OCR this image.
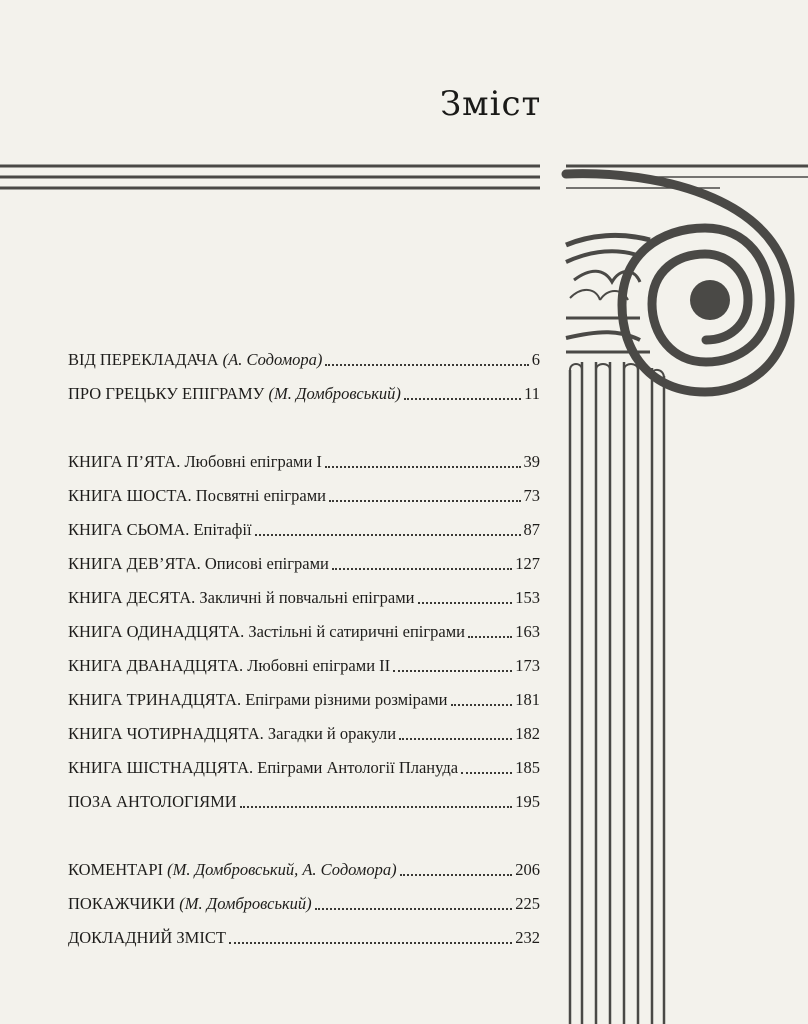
Зміст
ВІД ПЕРЕКЛАДАЧА (А. Содомора)	6
ПРО ГРЕЦЬКУ ЕПІГРАМУ (М. Домбровський)	11
КНИГА П’ЯТА. Любовні епіграми І	39
КНИГА ШОСТА. Посвятні епіграми	73
КНИГА СЬОМА. Епітафії	87
КНИГА ДЕВ’ЯТА. Описові епіграми	127
КНИГА ДЕСЯТА. Закличні й повчальні епіграми	153
КНИГА ОДИНАДЦЯТА. Застільні й сатиричні епіграми	163
КНИГА ДВАНАДЦЯТА. Любовні епіграми ІІ	173
КНИГА ТРИНАДЦЯТА. Епіграми різними розмірами	181
КНИГА ЧОТИРНАДЦЯТА. Загадки й оракули	182
КНИГА ШІСТНАДЦЯТА. Епіграми Антології Плануда	185
ПОЗА АНТОЛОГІЯМИ	195
КОМЕНТАРІ (М. Домбровський, А. Содомора)	206
ПОКАЖЧИКИ (М. Домбровський)	225
ДОКЛАДНИЙ ЗМІСТ	232
